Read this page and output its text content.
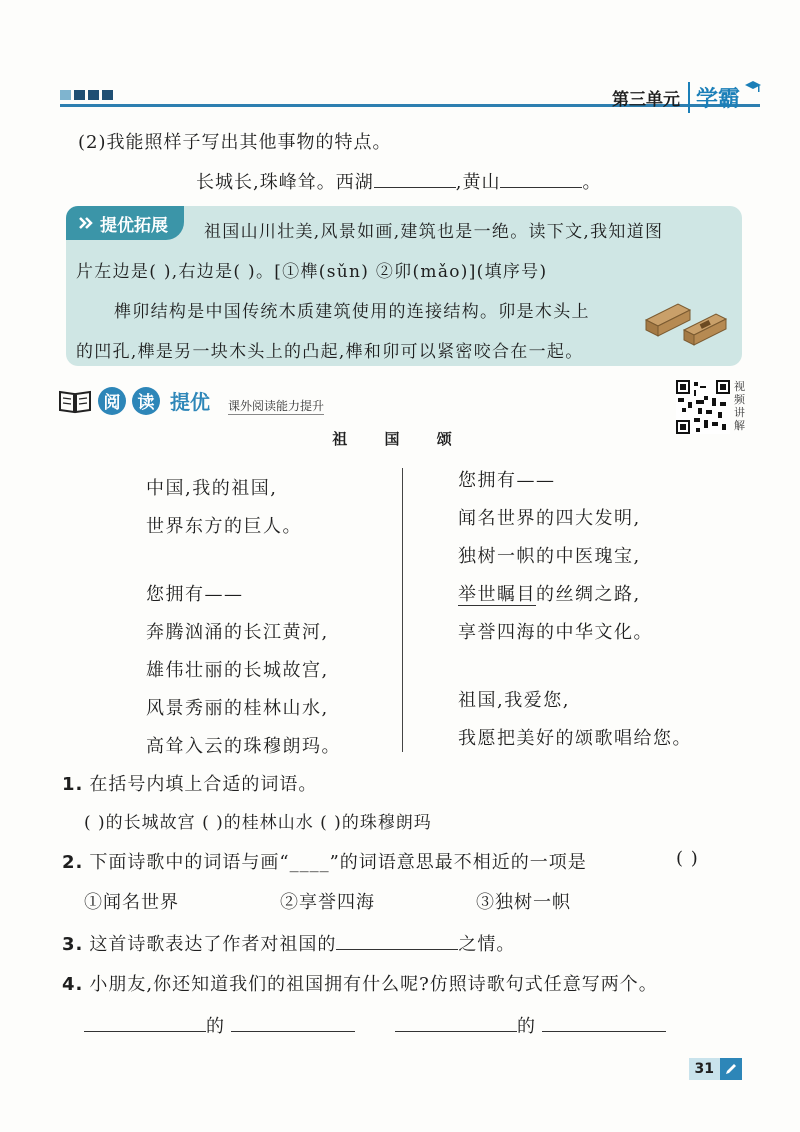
第三单元 学霸
(2)我能照样子写出其他事物的特点。
长城长,珠峰耸。西湖	,黄山	。
祖国山川壮美,风景如画,建筑也是一绝。读下文,我知道图
片左边是( ),右边是( )。[①榫(sǔn) ②卯(mǎo)](填序号)
榫卯结构是中国传统木质建筑使用的连接结构。卯是木头上
的凹孔,榫是另一块木头上的凸起,榫和卯可以紧密咬合在一起。
提优拓展
阅	读 提优 课外阅读能力提升
视频讲解
祖 国 颂
中国,我的祖国,
世界东方的巨人。
您拥有——
奔腾汹涌的长江黄河,
雄伟壮丽的长城故宫,
风景秀丽的桂林山水,
高耸入云的珠穆朗玛。
您拥有——
闻名世界的四大发明,
独树一帜的中医瑰宝,
举世瞩目的丝绸之路,
享誉四海的中华文化。
祖国,我爱您,
我愿把美好的颂歌唱给您。
1. 在括号内填上合适的词语。
( )的长城故宫 ( )的桂林山水 ( )的珠穆朗玛
2. 下面诗歌中的词语与画“____”的词语意思最不相近的一项是	( )
①闻名世界	②享誉四海	③独树一帜
3. 这首诗歌表达了作者对祖国的	之情。
4. 小朋友,你还知道我们的祖国拥有什么呢?仿照诗歌句式任意写两个。
的	的
31
